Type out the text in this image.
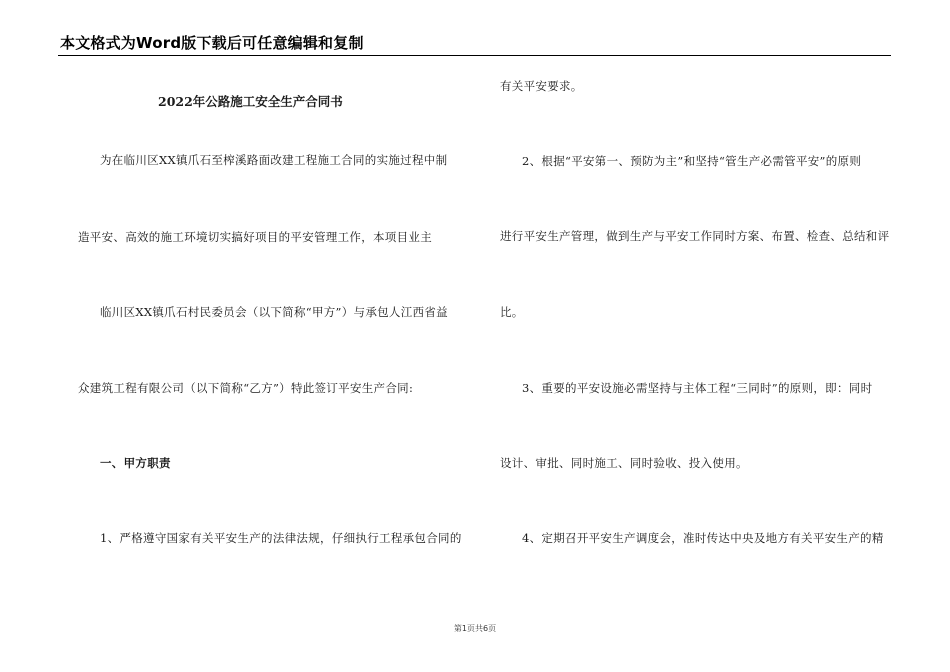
本文格式为Word版下载后可任意编辑和复制
2022年公路施工安全生产合同书
为在临川区XX镇爪石至榨溪路面改建工程施工合同的实施过程中制
造平安、高效的施工环境切实搞好项目的平安管理工作，本项目业主
临川区XX镇爪石村民委员会（以下简称“甲方”）与承包人江西省益
众建筑工程有限公司（以下简称“乙方”）特此签订平安生产合同:
一、甲方职责
1、严格遵守国家有关平安生产的法律法规，仔细执行工程承包合同的
有关平安要求。
2、根据“平安第一、预防为主”和坚持“管生产必需管平安”的原则
进行平安生产管理，做到生产与平安工作同时方案、布置、检查、总结和评
比。
3、重要的平安设施必需坚持与主体工程“三同时”的原则，即：同时
设计、审批、同时施工、同时验收、投入使用。
4、定期召开平安生产调度会，准时传达中央及地方有关平安生产的精
第1页共6页
